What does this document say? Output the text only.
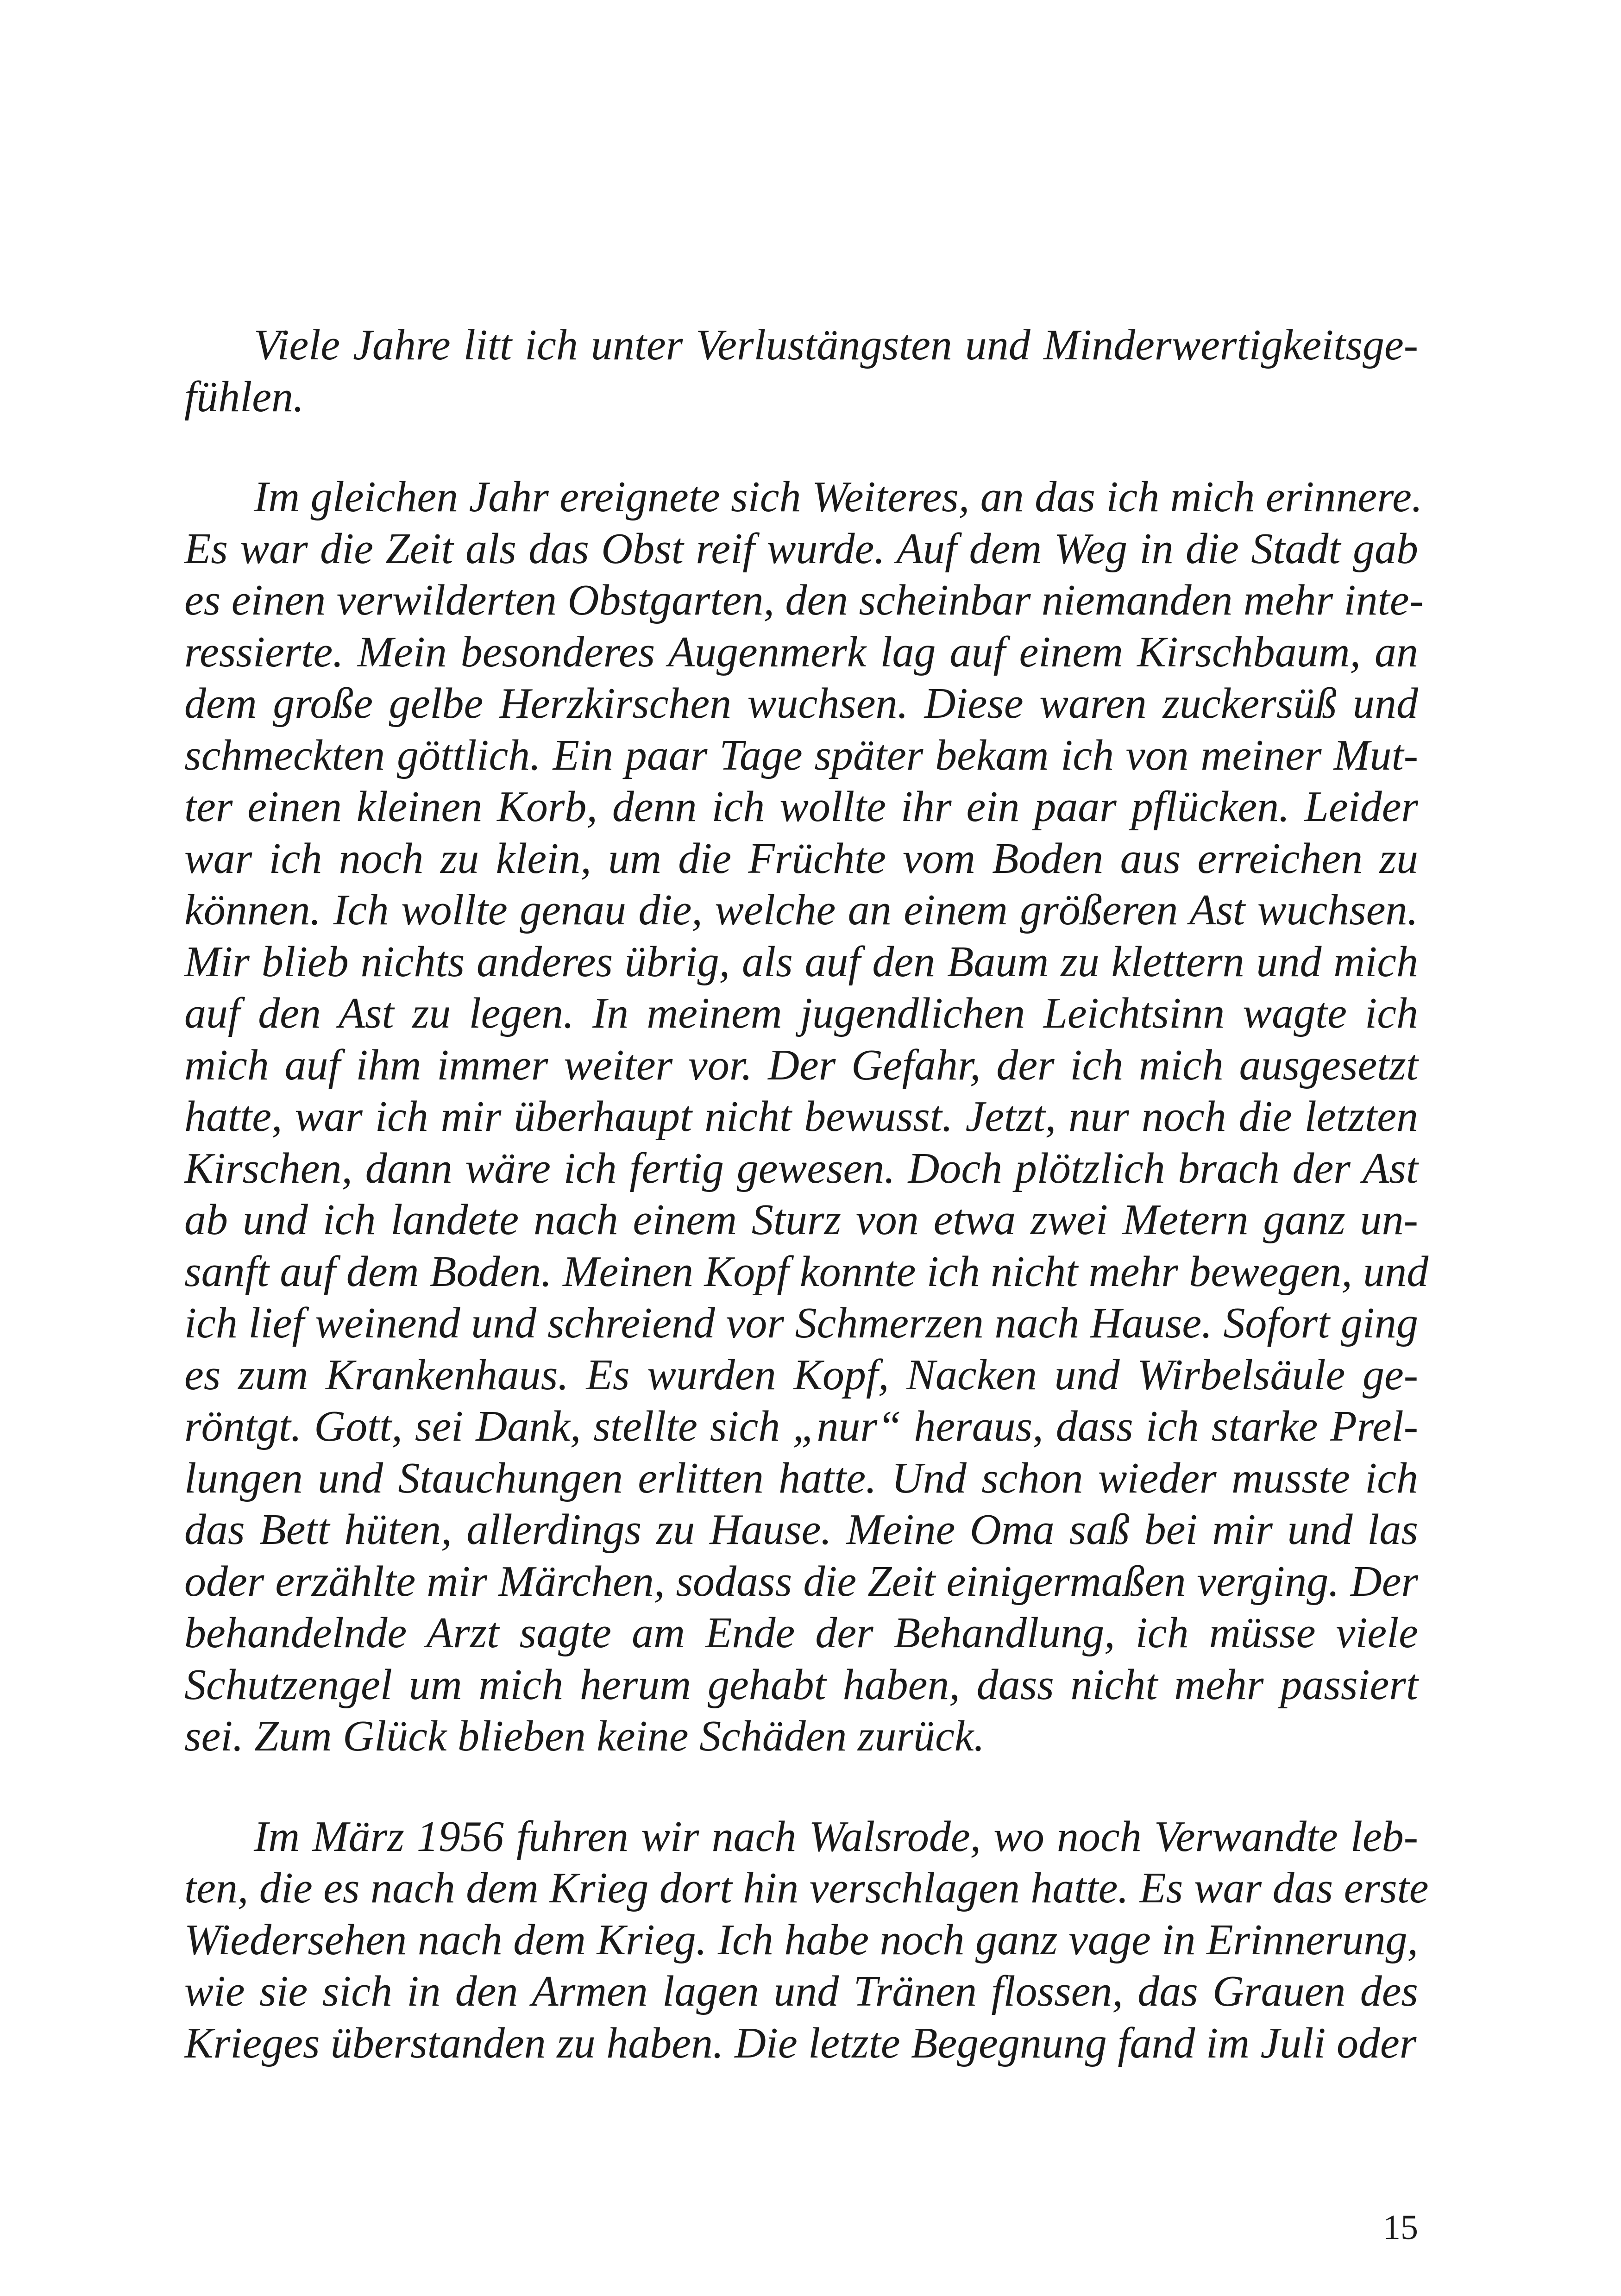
Viele Jahre litt ich unter Verlustängsten und Minderwertigkeitsge-
fühlen.
Im gleichen Jahr ereignete sich Weiteres, an das ich mich erinnere.
Es war die Zeit als das Obst reif wurde. Auf dem Weg in die Stadt gab
es einen verwilderten Obstgarten, den scheinbar niemanden mehr inte-
ressierte. Mein besonderes Augenmerk lag auf einem Kirschbaum, an
dem große gelbe Herzkirschen wuchsen. Diese waren zuckersüß und
schmeckten göttlich. Ein paar Tage später bekam ich von meiner Mut-
ter einen kleinen Korb, denn ich wollte ihr ein paar pflücken. Leider
war ich noch zu klein, um die Früchte vom Boden aus erreichen zu
können. Ich wollte genau die, welche an einem größeren Ast wuchsen.
Mir blieb nichts anderes übrig, als auf den Baum zu klettern und mich
auf den Ast zu legen. In meinem jugendlichen Leichtsinn wagte ich
mich auf ihm immer weiter vor. Der Gefahr, der ich mich ausgesetzt
hatte, war ich mir überhaupt nicht bewusst. Jetzt, nur noch die letzten
Kirschen, dann wäre ich fertig gewesen. Doch plötzlich brach der Ast
ab und ich landete nach einem Sturz von etwa zwei Metern ganz un-
sanft auf dem Boden. Meinen Kopf konnte ich nicht mehr bewegen, und
ich lief weinend und schreiend vor Schmerzen nach Hause. Sofort ging
es zum Krankenhaus. Es wurden Kopf, Nacken und Wirbelsäule ge-
röntgt. Gott, sei Dank, stellte sich „nur“ heraus, dass ich starke Prel-
lungen und Stauchungen erlitten hatte. Und schon wieder musste ich
das Bett hüten, allerdings zu Hause. Meine Oma saß bei mir und las
oder erzählte mir Märchen, sodass die Zeit einigermaßen verging. Der
behandelnde Arzt sagte am Ende der Behandlung, ich müsse viele
Schutzengel um mich herum gehabt haben, dass nicht mehr passiert
sei. Zum Glück blieben keine Schäden zurück.
Im März 1956 fuhren wir nach Walsrode, wo noch Verwandte leb-
ten, die es nach dem Krieg dort hin verschlagen hatte. Es war das erste
Wiedersehen nach dem Krieg. Ich habe noch ganz vage in Erinnerung,
wie sie sich in den Armen lagen und Tränen flossen, das Grauen des
Krieges überstanden zu haben. Die letzte Begegnung fand im Juli oder
15
